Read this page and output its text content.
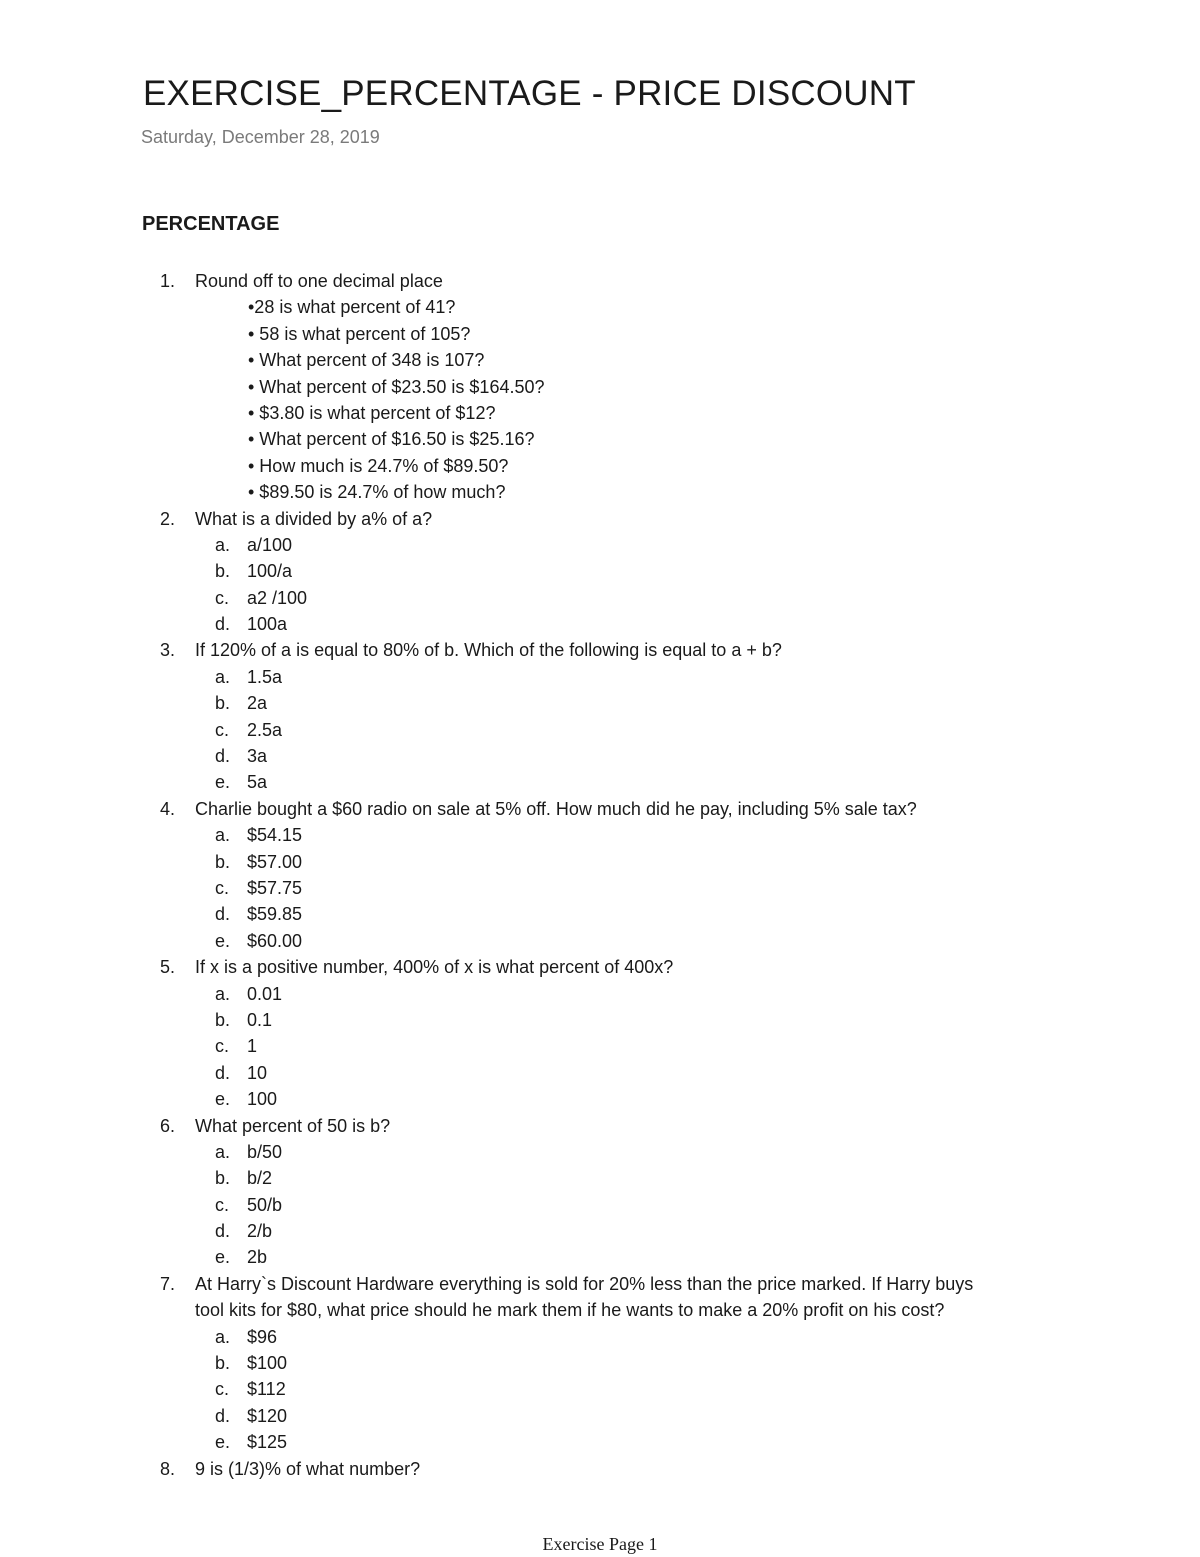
EXERCISE_PERCENTAGE - PRICE DISCOUNT
Saturday, December 28, 2019
PERCENTAGE
1.	Round off to one decimal place
•28 is what percent of 41?
• 58 is what percent of 105?
• What percent of 348 is 107?
• What percent of $23.50 is $164.50?
• $3.80 is what percent of $12?
• What percent of $16.50 is $25.16?
• How much is 24.7% of $89.50?
• $89.50 is 24.7% of how much?
2.	What is a divided by a% of a?
a. a/100
b. 100/a
c. a2 /100
d. 100a
3.	If 120% of a is equal to 80% of b. Which of the following is equal to a + b?
a. 1.5a
b. 2a
c. 2.5a
d. 3a
e. 5a
4.	Charlie bought a $60 radio on sale at 5% off. How much did he pay, including 5% sale tax?
a. $54.15
b. $57.00
c. $57.75
d. $59.85
e. $60.00
5.	If x is a positive number, 400% of x is what percent of 400x?
a. 0.01
b. 0.1
c. 1
d. 10
e. 100
6.	What percent of 50 is b?
a. b/50
b. b/2
c. 50/b
d. 2/b
e. 2b
7.	At Harry`s Discount Hardware everything is sold for 20% less than the price marked. If Harry buys
tool kits for $80, what price should he mark them if he wants to make a 20% profit on his cost?
a. $96
b. $100
c. $112
d. $120
e. $125
8.	9 is (1/3)% of what number?
Exercise Page 1
